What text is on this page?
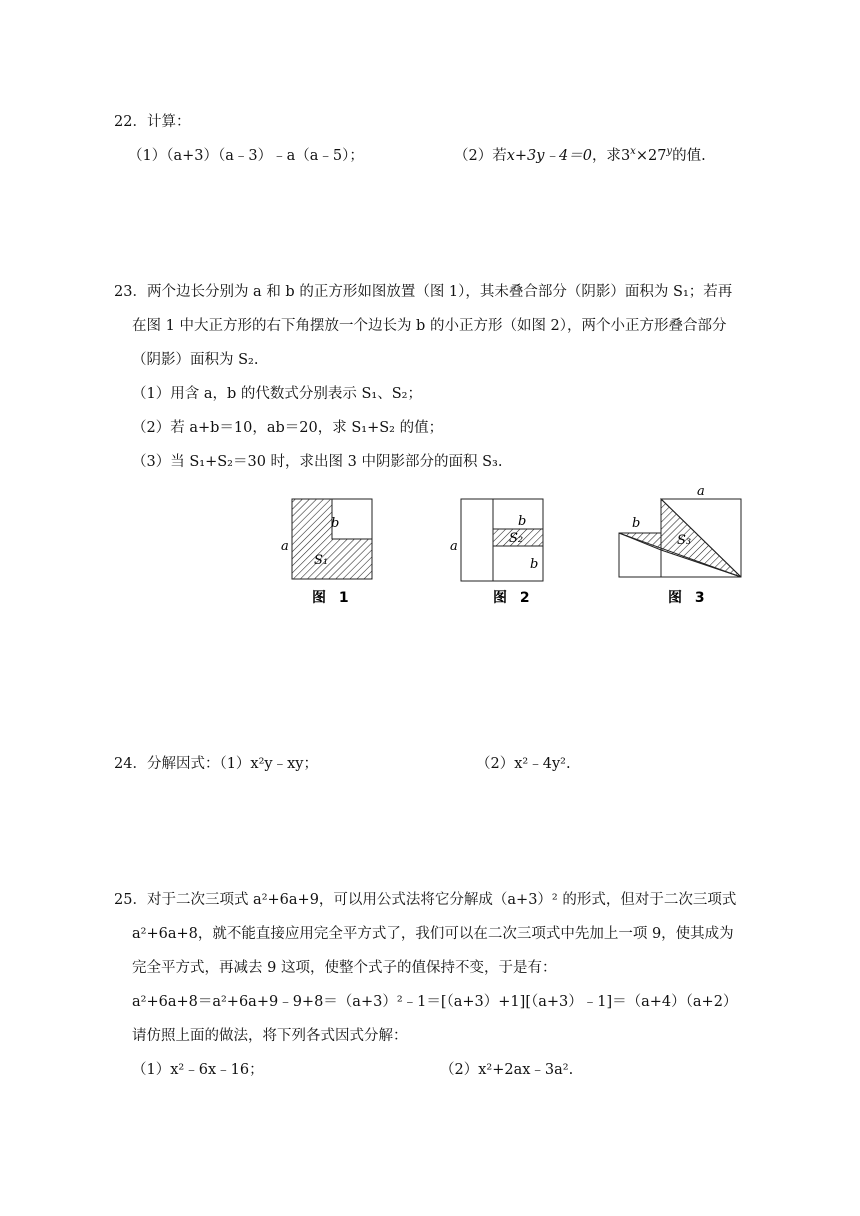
22．计算：
（1）（a+3）（a﹣3）﹣a（a﹣5）；	（2）若x+3y﹣4＝0，求$3^x\times 27^y$的值.
23．两个边长分别为 a 和 b 的正方形如图放置（图 1），其未叠合部分（阴影）面积为 S₁；若再
在图 1 中大正方形的右下角摆放一个边长为 b 的小正方形（如图 2），两个小正方形叠合部分
（阴影）面积为 S₂.
（1）用含 a，b 的代数式分别表示 S₁、S₂；
（2）若 a+b＝10，ab＝20，求 S₁+S₂ 的值；
（3）当 S₁+S₂＝30 时，求出图 3 中阴影部分的面积 S₃.
a
b
S₁
图 1
a
b
S₂
b
图 2
a
b
S₃
图 3
24．分解因式：（1）x²y﹣xy；	（2）x²﹣4y².
25．对于二次三项式 a²+6a+9，可以用公式法将它分解成（a+3）² 的形式，但对于二次三项式
a²+6a+8，就不能直接应用完全平方式了，我们可以在二次三项式中先加上一项 9，使其成为
完全平方式，再减去 9 这项，使整个式子的值保持不变，于是有：
a²+6a+8＝a²+6a+9﹣9+8＝（a+3）²﹣1＝[（a+3）+1][（a+3）﹣1]＝（a+4）（a+2）
请仿照上面的做法，将下列各式因式分解：
（1）x²﹣6x﹣16；	（2）x²+2ax﹣3a².
